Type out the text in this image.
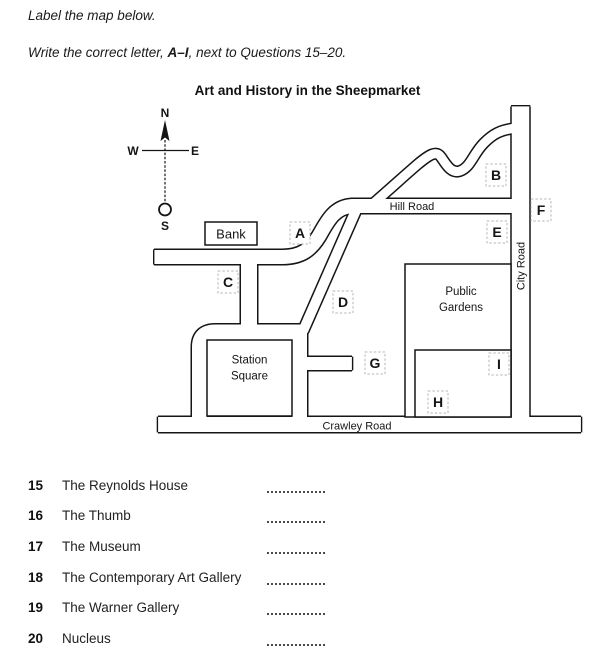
Label the map below.
Write the correct letter, A–I, next to Questions 15–20.
Art and History in the Sheepmarket
N
W	E
S
Hill Road
Crawley Road
City Road
Bank
Station
Square
Public
Gardens
A
B
C
D
E
F
G
H
I
15	The Reynolds House
16	The Thumb
17	The Museum
18	The Contemporary Art Gallery
19	The Warner Gallery
20	Nucleus
